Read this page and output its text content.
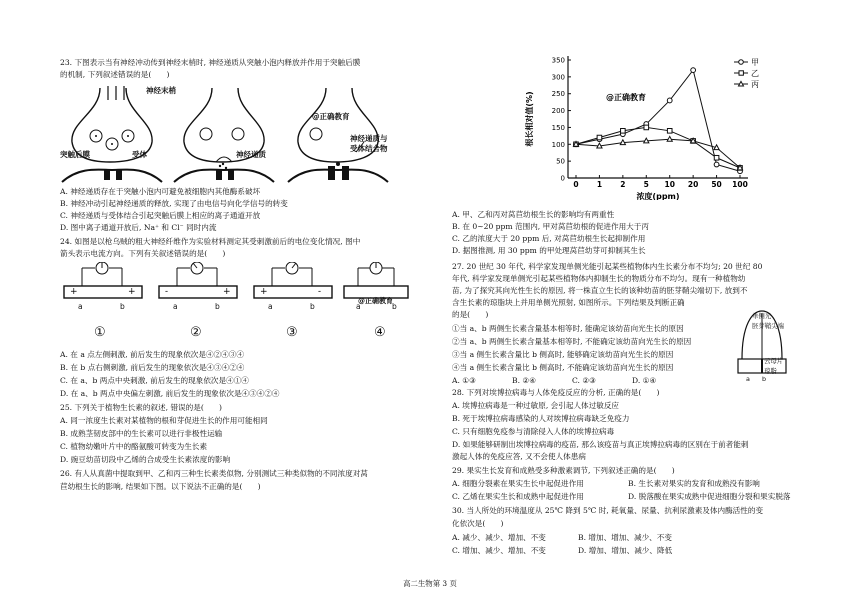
23. 下图表示当有神经冲动传到神经末梢时, 神经递质从突触小泡内释放并作用于突触后膜
的机制, 下列叙述错误的是(　　)
神经末梢
突触后膜	受体	神经递质
@正确教育
神经递质与
受体结合物
A. 神经递质存在于突触小泡内可避免被细胞内其他酶系破坏
B. 神经冲动引起神经递质的释放, 实现了由电信号向化学信号的转变
C. 神经递质与受体结合引起突触后膜上相应的离子通道开放
D. 图中离子通道开放后, Na⁺ 和 Cl⁻ 同时内流
24. 如图是以枪乌贼的粗大神经纤维作为实验材料测定其受刺激前后的电位变化情况, 图中
箭头表示电流方向。下列有关叙述错误的是(　　)
+	+	-	+	+	-
a	b	a	b	a	b	a	b
@正确教育
①	②	③	④
A. 在 a 点左侧刺激, 前后发生的现象依次是④②④③④
B. 在 b 点右侧刺激, 前后发生的现象依次是④③④②④
C. 在 a、b 两点中央刺激, 前后发生的现象依次是④①④
D. 在 a、b 两点中央偏左刺激, 前后发生的现象依次是④③④②④
25. 下列关于植物生长素的叙述, 错误的是(　　)
A. 同一浓度生长素对某植物的根和芽促进生长的作用可能相同
B. 成熟茎韧皮部中的生长素可以进行非极性运输
C. 植物幼嫩叶片中的酪氨酸可转变为生长素
D. 豌豆幼苗切段中乙烯的合成受生长素浓度的影响
26. 有人从真菌中提取到甲、乙和丙三种生长素类似物, 分别测试三种类似物的不同浓度对莴
苣幼根生长的影响, 结果如下图。以下说法不正确的是(　　)
0
50
100
150
200
250
300
350
0 1 2 5 10 20 50 100
浓度(ppm)
根长相对值(%)	@正确教育
甲
乙
丙
A. 甲、乙和丙对莴苣幼根生长的影响均有两重性
B. 在 0~20 ppm 范围内, 甲对莴苣幼根的促进作用大于丙
C. 乙的浓度大于 20 ppm 后, 对莴苣幼根生长起抑制作用
D. 据图推测, 用 30 ppm 的甲处理莴苣幼芽可抑制其生长
27. 20 世纪 30 年代, 科学家发现单侧光能引起某些植物体内生长素分布不均匀; 20 世纪 80
年代, 科学家发现单侧光引起某些植物体内抑制生长的物质分布不均匀。现有一种植物幼
苗, 为了探究其向光性生长的原因, 将一株直立生长的该种幼苗的胚芽鞘尖端切下, 放到不
含生长素的琼脂块上并用单侧光照射, 如图所示。下列结果及判断正确
的是(　　)
①当 a、b 两侧生长素含量基本相等时, 能确定该幼苗向光生长的原因
②当 a、b 两侧生长素含量基本相等时, 不能确定该幼苗向光生长的原因
③当 a 侧生长素含量比 b 侧高时, 能够确定该幼苗向光生长的原因
④当 a 侧生长素含量比 b 侧高时, 不能确定该幼苗向光生长的原因
A. ①③	B. ②④	C. ②③	D. ①④
单侧光
胚芽鞘尖端
云母片
琼脂
a b
28. 下列对埃博拉病毒与人体免疫反应的分析, 正确的是(　　)
A. 埃博拉病毒是一种过敏原, 会引起人体过敏反应
B. 死于埃博拉病毒感染的人对埃博拉病毒缺乏免疫力
C. 只有细胞免疫参与清除侵入人体的埃博拉病毒
D. 如果能够研制出埃博拉病毒的疫苗, 那么该疫苗与真正埃博拉病毒的区别在于前者能刺
激起人体的免疫应答, 又不会使人体患病
29. 果实生长发育和成熟受多种激素调节, 下列叙述正确的是(　　)
A. 细胞分裂素在果实生长中起促进作用	B. 生长素对果实的发育和成熟没有影响
C. 乙烯在果实生长和成熟中起促进作用	D. 脱落酸在果实成熟中促进细胞分裂和果实脱落
30. 当人所处的环境温度从 25℃ 降到 5℃ 时, 耗氧量、尿量、抗利尿激素及体内酶活性的变
化依次是(　　)
A. 减少、减少、增加、不变	B. 增加、增加、减少、不变
C. 增加、减少、增加、不变	D. 增加、增加、减少、降低
高二生物第 3 页
